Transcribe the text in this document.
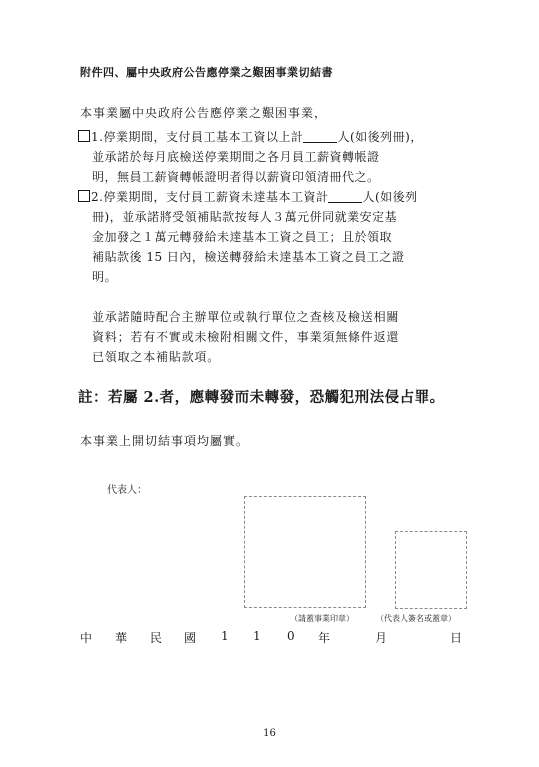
附件四、屬中央政府公告應停業之艱困事業切結書
本事業屬中央政府公告應停業之艱困事業，
1.停業期間，支付員工基本工資以上計	人(如後列冊)，
並承諾於每月底檢送停業期間之各月員工薪資轉帳證
明，無員工薪資轉帳證明者得以薪資印領清冊代之。
2.停業期間，支付員工薪資未達基本工資計	人(如後列
冊)，並承諾將受領補貼款按每人３萬元併同就業安定基
金加發之１萬元轉發給未達基本工資之員工；且於領取
補貼款後 15 日內，檢送轉發給未達基本工資之員工之證
明。
並承諾隨時配合主辦單位或執行單位之查核及檢送相關
資料；若有不實或未檢附相關文件，事業須無條件返還
已領取之本補貼款項。
註：若屬 2.者，應轉發而未轉發，恐觸犯刑法侵占罪。
本事業上開切結事項均屬實。
代表人：
（請蓋事業印章）	（代表人簽名或蓋章）
中 華 民 國 1 1 0 年	月	日
16
